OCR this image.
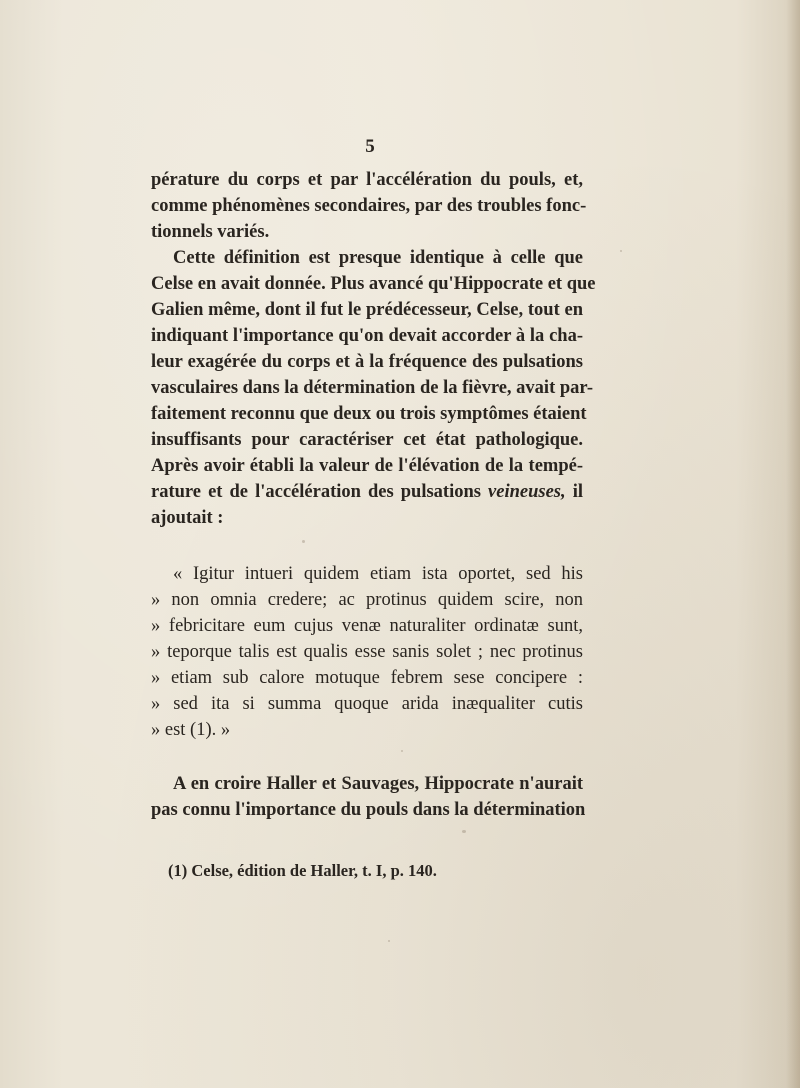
5
pérature du corps et par l'accélération du pouls, et,
comme phénomènes secondaires, par des troubles fonc-
tionnels variés.
Cette définition est presque identique à celle que
Celse en avait donnée. Plus avancé qu'Hippocrate et que
Galien même, dont il fut le prédécesseur, Celse, tout en
indiquant l'importance qu'on devait accorder à la cha-
leur exagérée du corps et à la fréquence des pulsations
vasculaires dans la détermination de la fièvre, avait par-
faitement reconnu que deux ou trois symptômes étaient
insuffisants pour caractériser cet état pathologique.
Après avoir établi la valeur de l'élévation de la tempé-
rature et de l'accélération des pulsations veineuses, il
ajoutait :
« Igitur intueri quidem etiam ista oportet, sed his
» non omnia credere; ac protinus quidem scire, non
» febricitare eum cujus venæ naturaliter ordinatæ sunt,
» teporque talis est qualis esse sanis solet ; nec protinus
» etiam sub calore motuque febrem sese concipere :
» sed ita si summa quoque arida inæqualiter cutis
» est (1). »
A en croire Haller et Sauvages, Hippocrate n'aurait
pas connu l'importance du pouls dans la détermination
(1) Celse, édition de Haller, t. I, p. 140.
